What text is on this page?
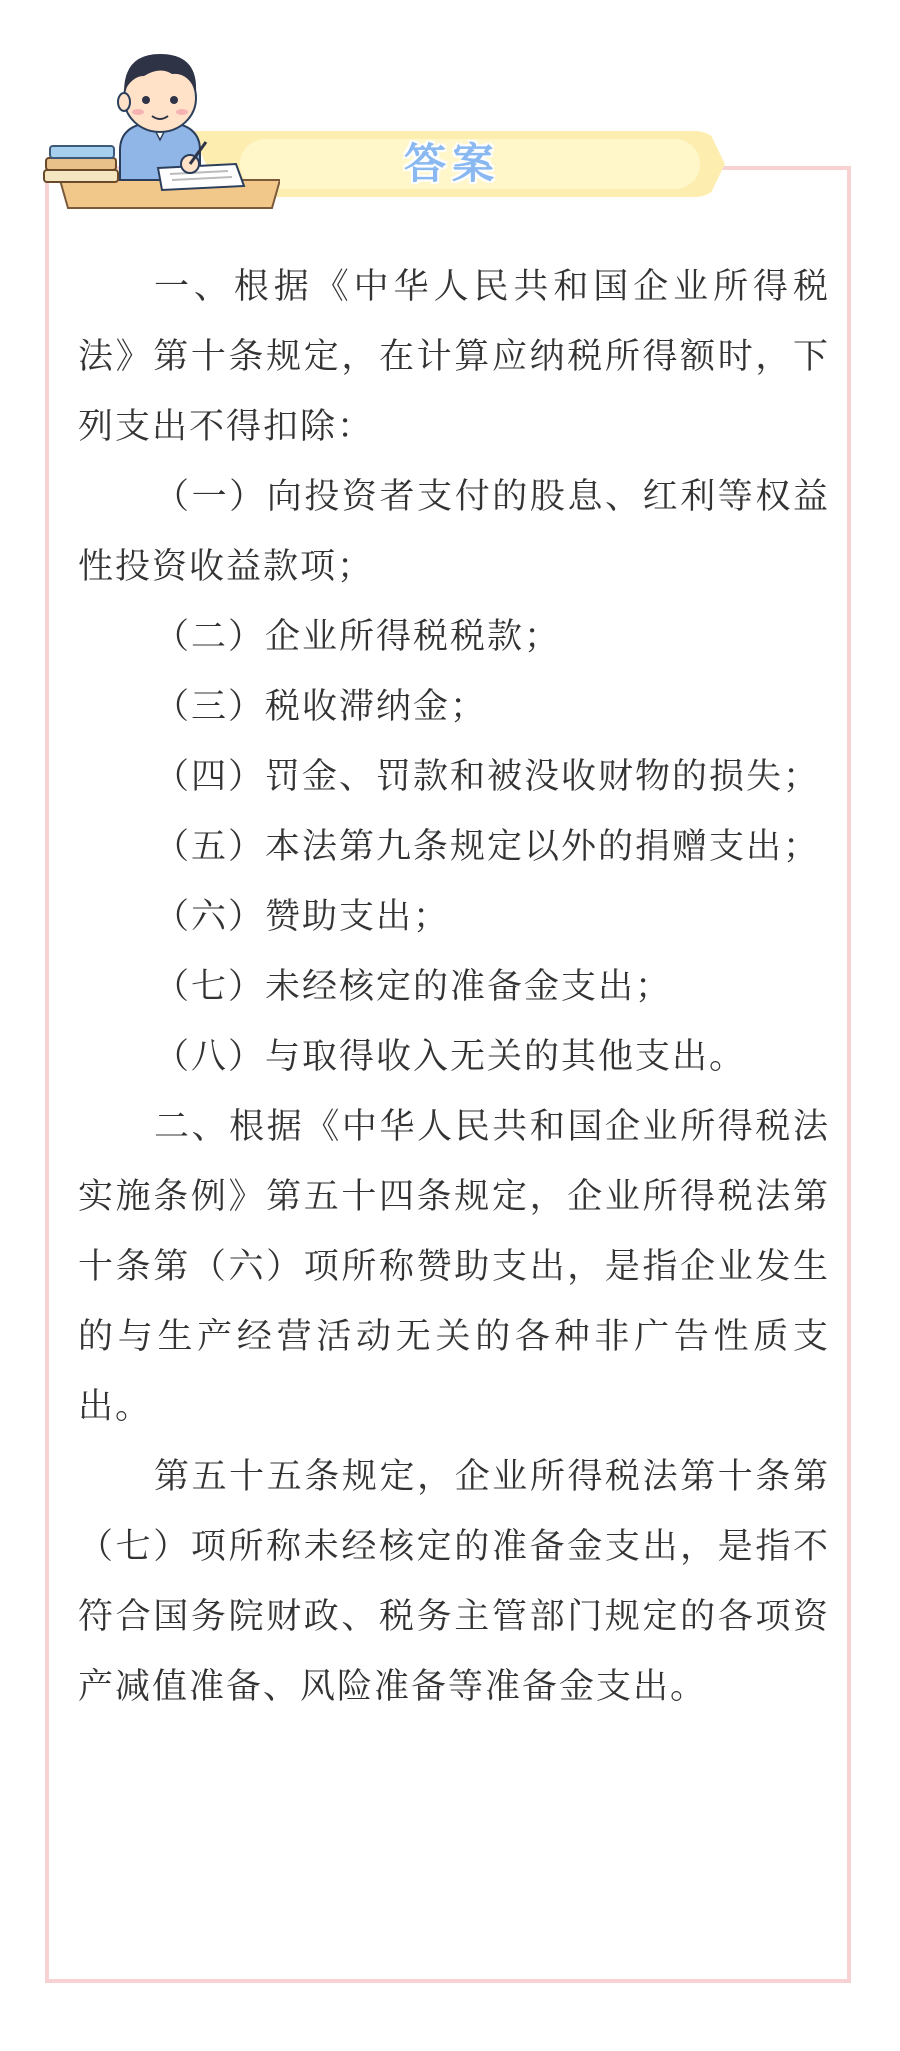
答案

一、根据《中华人民共和国企业所得税法》第十条规定，在计算应纳税所得额时，下列支出不得扣除：

（一）向投资者支付的股息、红利等权益性投资收益款项；

（二）企业所得税税款；

（三）税收滞纳金；

（四）罚金、罚款和被没收财物的损失；

（五）本法第九条规定以外的捐赠支出；

（六）赞助支出；

（七）未经核定的准备金支出；

（八）与取得收入无关的其他支出。

二、根据《中华人民共和国企业所得税法实施条例》第五十四条规定，企业所得税法第十条第（六）项所称赞助支出，是指企业发生的与生产经营活动无关的各种非广告性质支出。

第五十五条规定，企业所得税法第十条第（七）项所称未经核定的准备金支出，是指不符合国务院财政、税务主管部门规定的各项资产减值准备、风险准备等准备金支出。
